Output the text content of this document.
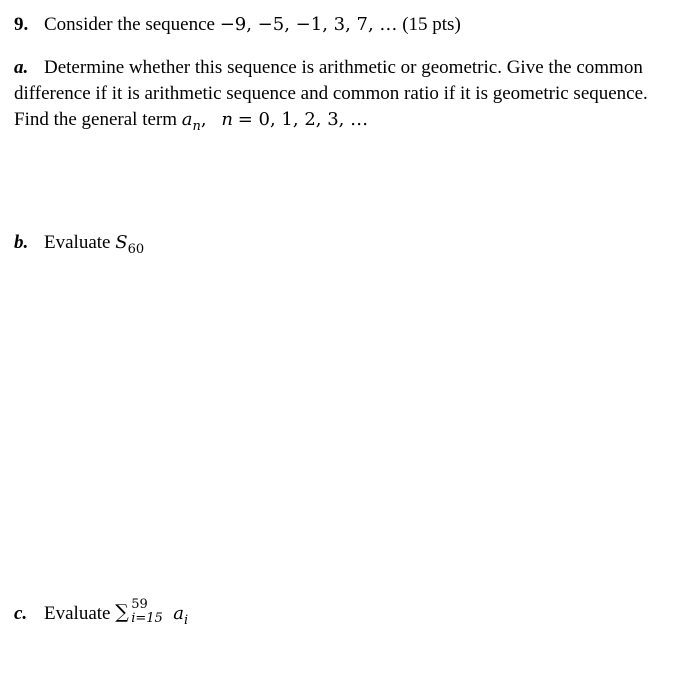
9. Consider the sequence −9, −5, −1, 3, 7, … (15 pts)
a. Determine whether this sequence is arithmetic or geometric. Give the common
difference if it is arithmetic sequence and common ratio if it is geometric sequence.
Find the general term $a_n$, n = 0, 1, 2, 3, …
b. Evaluate $S_{60}$
c. Evaluate ∑ 59
i=15 $a_i$
